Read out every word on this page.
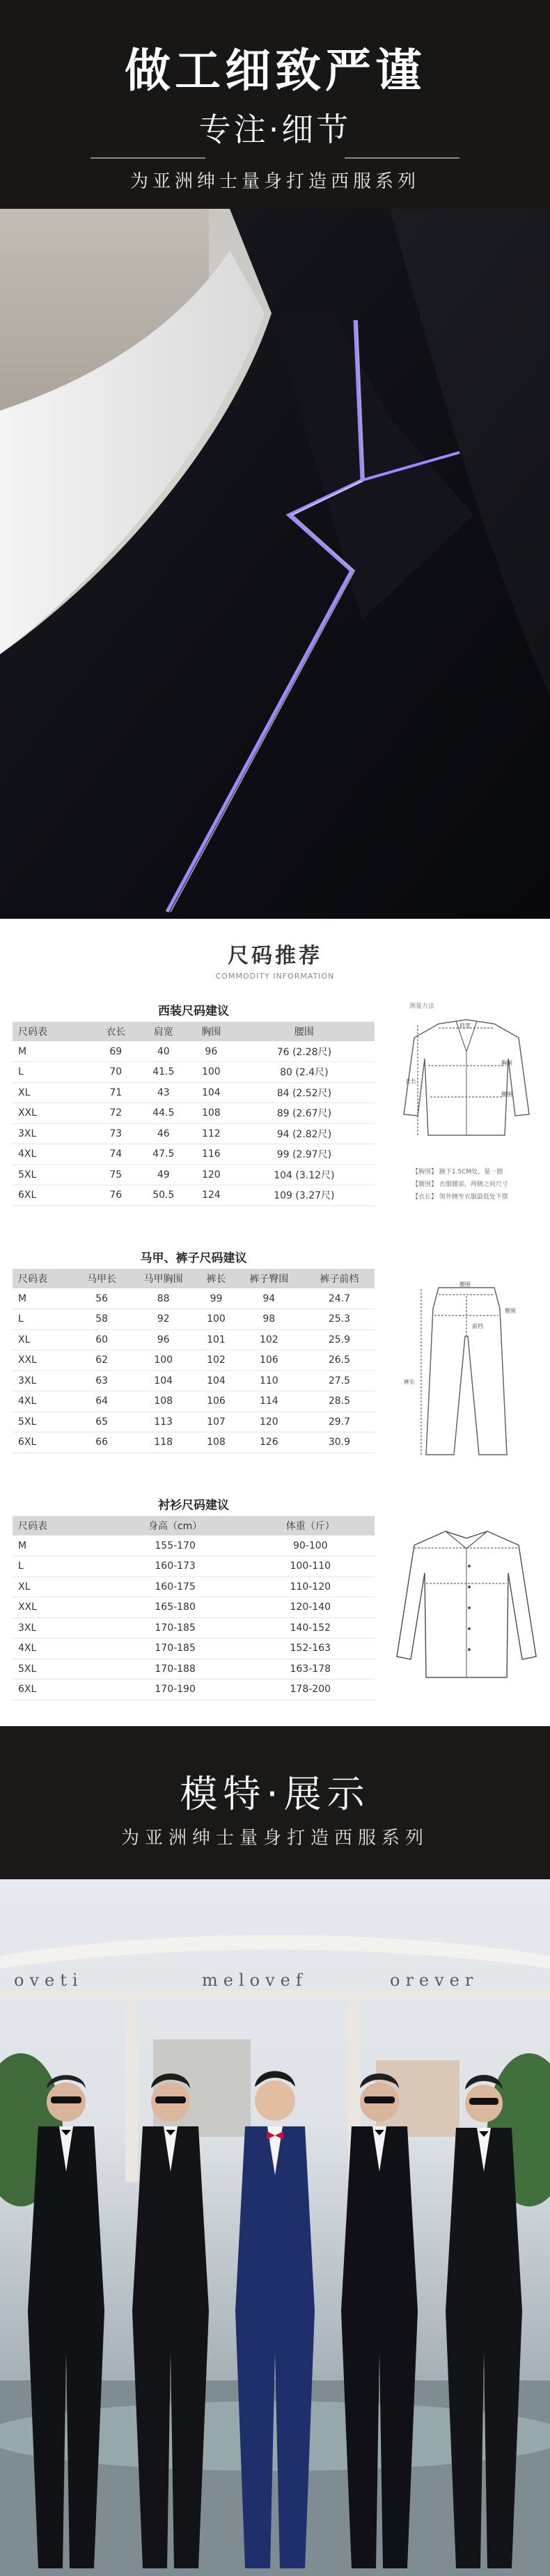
做工细致严谨
专注·细节
为亚洲绅士量身打造西服系列
尺码推荐
COMMODITY INFORMATION
西装尺码建议
尺码表	衣长	肩宽	胸围	腰围
M	69	40	96	76 (2.28尺)
L	70	41.5	100	80 (2.4尺)
XL	71	43	104	84 (2.52尺)
XXL	72	44.5	108	89 (2.67尺)
3XL	73	46	112	94 (2.82尺)
4XL	74	47.5	116	99 (2.97尺)
5XL	75	49	120	104 (3.12尺)
6XL	76	50.5	124	109 (3.27尺)
测量方法
肩宽
胸围
腰围
衣长
【胸围】 腋下1.5CM处，量一圈
【腰围】 衣服腰部，两侧之间尺寸
【衣长】 领外侧至衣服最低处下摆
马甲、裤子尺码建议
尺码表	马甲长	马甲胸围	裤长	裤子臀围	裤子前档
M	56	88	99	94	24.7
L	58	92	100	98	25.3
XL	60	96	101	102	25.9
XXL	62	100	102	106	26.5
3XL	63	104	104	110	27.5
4XL	64	108	106	114	28.5
5XL	65	113	107	120	29.7
6XL	66	118	108	126	30.9
腰围
臀围
前档
裤长
衬衫尺码建议
尺码表	身高（cm）	体重（斤）
M	155-170	90-100
L	160-173	100-110
XL	160-175	110-120
XXL	165-180	120-140
3XL	170-185	140-152
4XL	170-185	152-163
5XL	170-188	163-178
6XL	170-190	178-200
模特·展示
为亚洲绅士量身打造西服系列
oveti	melovef	orever
